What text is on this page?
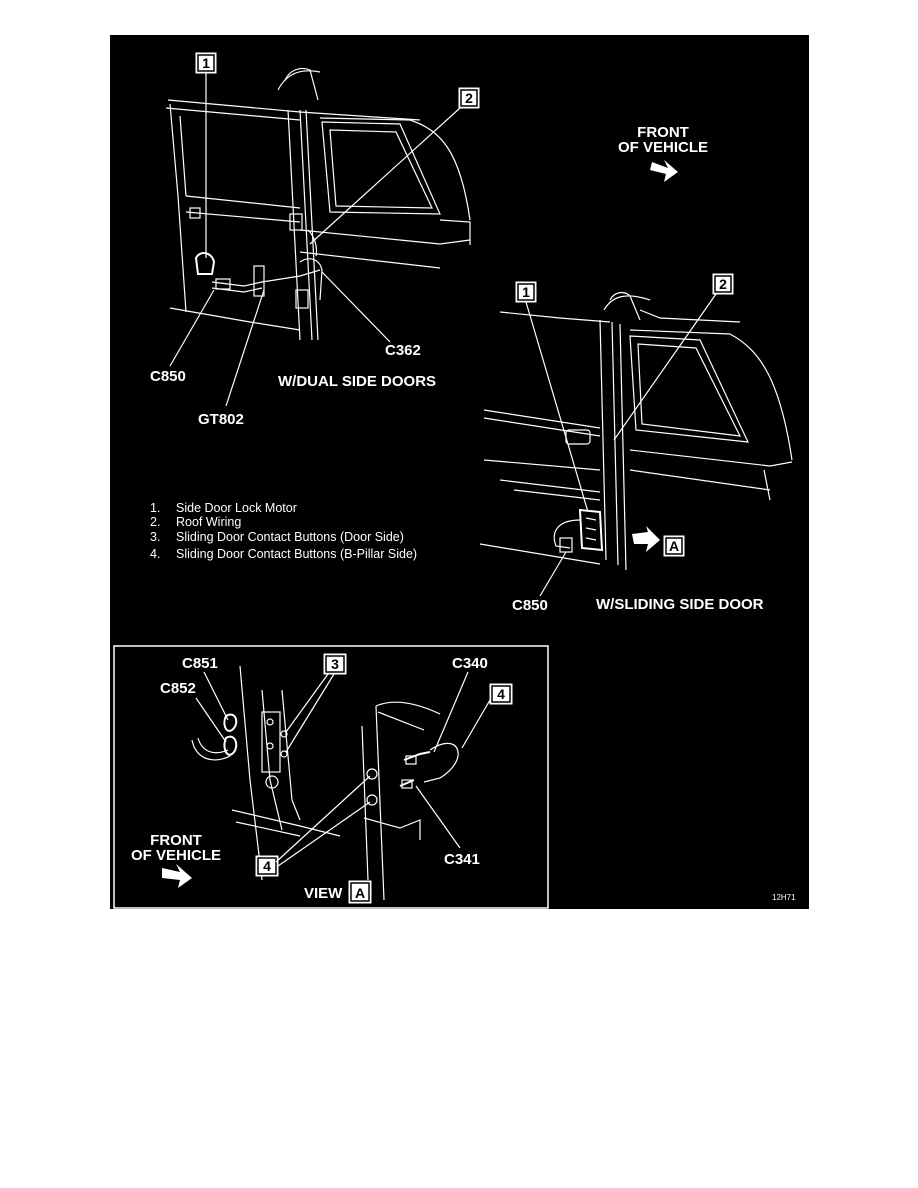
1
2
FRONT
OF VEHICLE
C362
C850	W/DUAL SIDE DOORS
GT802
1	2
A
C850	W/SLIDING SIDE DOOR
1. Side Door Lock Motor
2. Roof Wiring
3. Sliding Door Contact Buttons (Door Side)
4. Sliding Door Contact Buttons (B-Pillar Side)
3
4
4
A
C851
C852
C340
C341
FRONT
OF VEHICLE
VIEW	12H71
